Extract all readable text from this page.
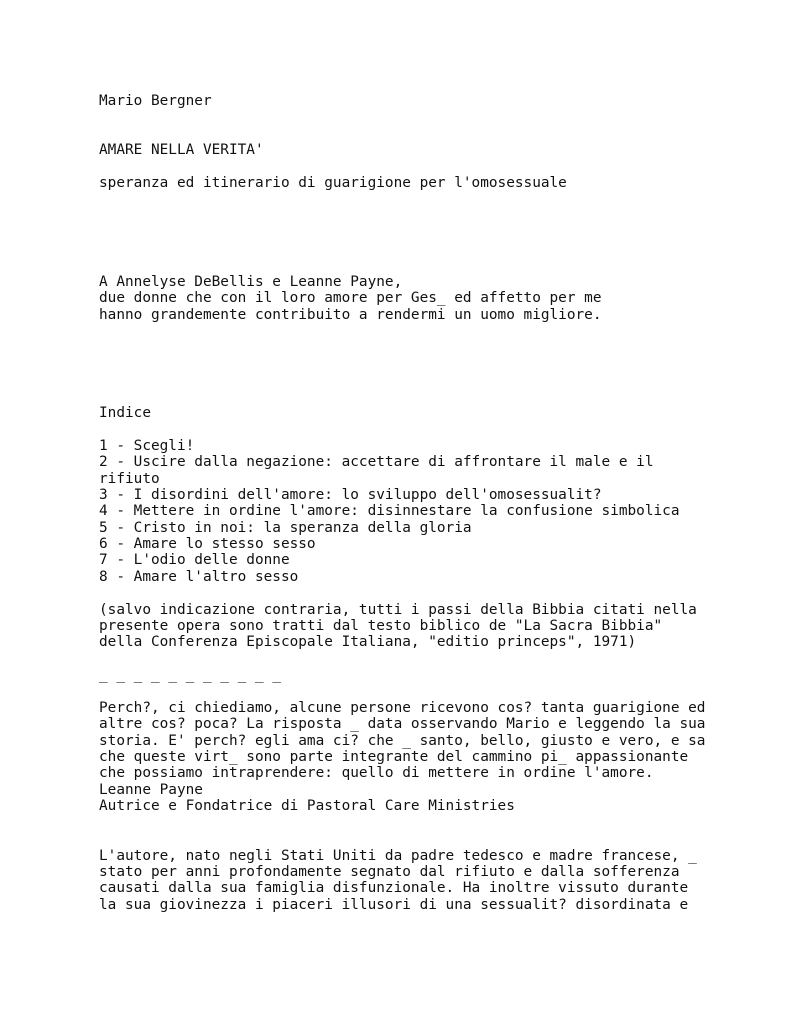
Mario Bergner
AMARE NELLA VERITA'
speranza ed itinerario di guarigione per l'omosessuale
A Annelyse DeBellis e Leanne Payne,
due donne che con il loro amore per Ges_ ed affetto per me
hanno grandemente contribuito a rendermi un uomo migliore.
Indice
1 - Scegli!
2 - Uscire dalla negazione: accettare di affrontare il male e il
rifiuto
3 - I disordini dell'amore: lo sviluppo dell'omosessualit?
4 - Mettere in ordine l'amore: disinnestare la confusione simbolica
5 - Cristo in noi: la speranza della gloria
6 - Amare lo stesso sesso
7 - L'odio delle donne
8 - Amare l'altro sesso
(salvo indicazione contraria, tutti i passi della Bibbia citati nella
presente opera sono tratti dal testo biblico de "La Sacra Bibbia"
della Conferenza Episcopale Italiana, "editio princeps", 1971)
_ _ _ _ _ _ _ _ _ _ _
Perch?, ci chiediamo, alcune persone ricevono cos? tanta guarigione ed
altre cos? poca? La risposta _ data osservando Mario e leggendo la sua
storia. E' perch? egli ama ci? che _ santo, bello, giusto e vero, e sa
che queste virt_ sono parte integrante del cammino pi_ appassionante
che possiamo intraprendere: quello di mettere in ordine l'amore.
Leanne Payne
Autrice e Fondatrice di Pastoral Care Ministries
L'autore, nato negli Stati Uniti da padre tedesco e madre francese, _
stato per anni profondamente segnato dal rifiuto e dalla sofferenza
causati dalla sua famiglia disfunzionale. Ha inoltre vissuto durante
la sua giovinezza i piaceri illusori di una sessualit? disordinata e
